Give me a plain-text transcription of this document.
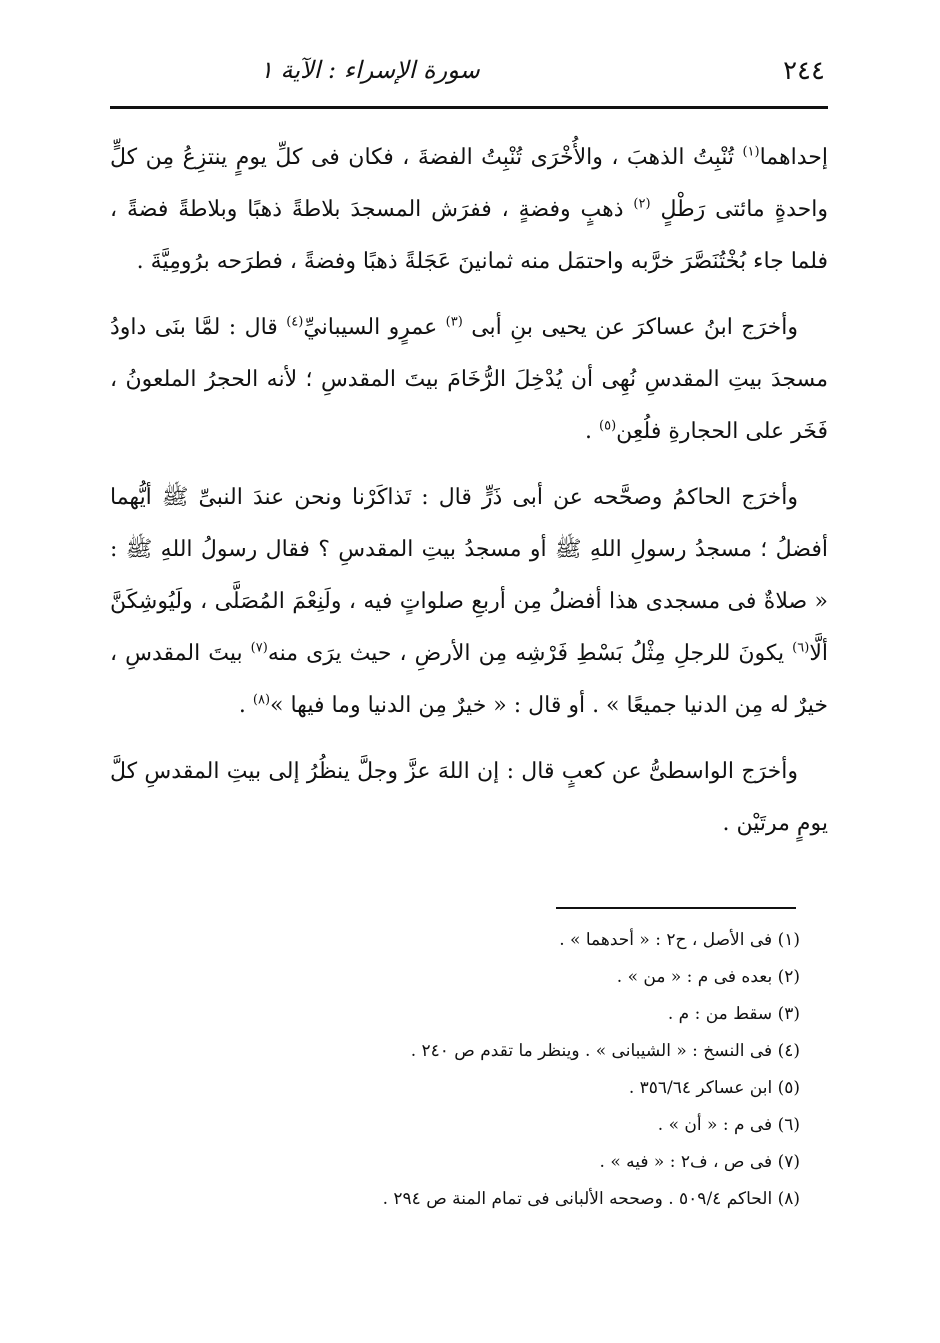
٢٤٤
سورة الإسراء : الآية ١

إحداهما$^{(١)}$ تُنْبِتُ الذهبَ ، والأُخْرَى تُنْبِتُ الفضةَ ، فكان فى كلِّ يومٍ ينتزِعُ مِن كلٍّ واحدةٍ مائتى رَطْلٍ $^{(٢)}$ ذهبٍ وفضةٍ ، ففرَش المسجدَ بلاطةً ذهبًا وبلاطةً فضةً ، فلما جاء بُخْتُنَصَّرَ خرَّبه واحتمَل منه ثمانينَ عَجَلةً ذهبًا وفضةً ، فطرَحه برُومِيَّةَ .

وأخرَج ابنُ عساكرَ عن يحيى بنِ أبى $^{(٣)}$ عمرٍو السيبانيِّ$^{(٤)}$ قال : لمَّا بنَى داودُ مسجدَ بيتِ المقدسِ نُهِى أن يُدْخِلَ الرُّخَامَ بيتَ المقدسِ ؛ لأنه الحجرُ الملعونُ ، فَخَر على الحجارةِ فلُعِن$^{(٥)}$ .

وأخرَج الحاكمُ وصحَّحه عن أبى ذَرٍّ قال : تَذاكَرْنا ونحن عندَ النبىِّ ﷺ أيُّهما أفضلُ ؛ مسجدُ رسولِ اللهِ ﷺ أو مسجدُ بيتِ المقدسِ ؟ فقال رسولُ اللهِ ﷺ : « صلاةٌ فى مسجدى هذا أفضلُ مِن أربعِ صلواتٍ فيه ، ولَنِعْمَ المُصَلَّى ، ولَيُوشِكَنَّ ألَّا$^{(٦)}$ يكونَ للرجلِ مِثْلُ بَسْطِ فَرْشِه مِن الأرضِ ، حيث يرَى منه$^{(٧)}$ بيتَ المقدسِ ، خيرٌ له مِن الدنيا جميعًا » . أو قال : « خيرٌ مِن الدنيا وما فيها »$^{(٨)}$ .

وأخرَج الواسطىُّ عن كعبٍ قال : إن اللهَ عزَّ وجلَّ ينظُرُ إلى بيتِ المقدسِ كلَّ يومٍ مرتَيْن .

(١) فى الأصل ، ح٢ : « أحدهما » .

(٢) بعده فى م : « من » .

(٣) سقط من : م .

(٤) فى النسخ : « الشيبانى » . وينظر ما تقدم ص ٢٤٠ .

(٥) ابن عساكر ٣٥٦/٦٤ .

(٦) فى م : « أن » .

(٧) فى ص ، ف٢ : « فيه » .

(٨) الحاكم ٥٠٩/٤ . وصححه الألبانى فى تمام المنة ص ٢٩٤ .
